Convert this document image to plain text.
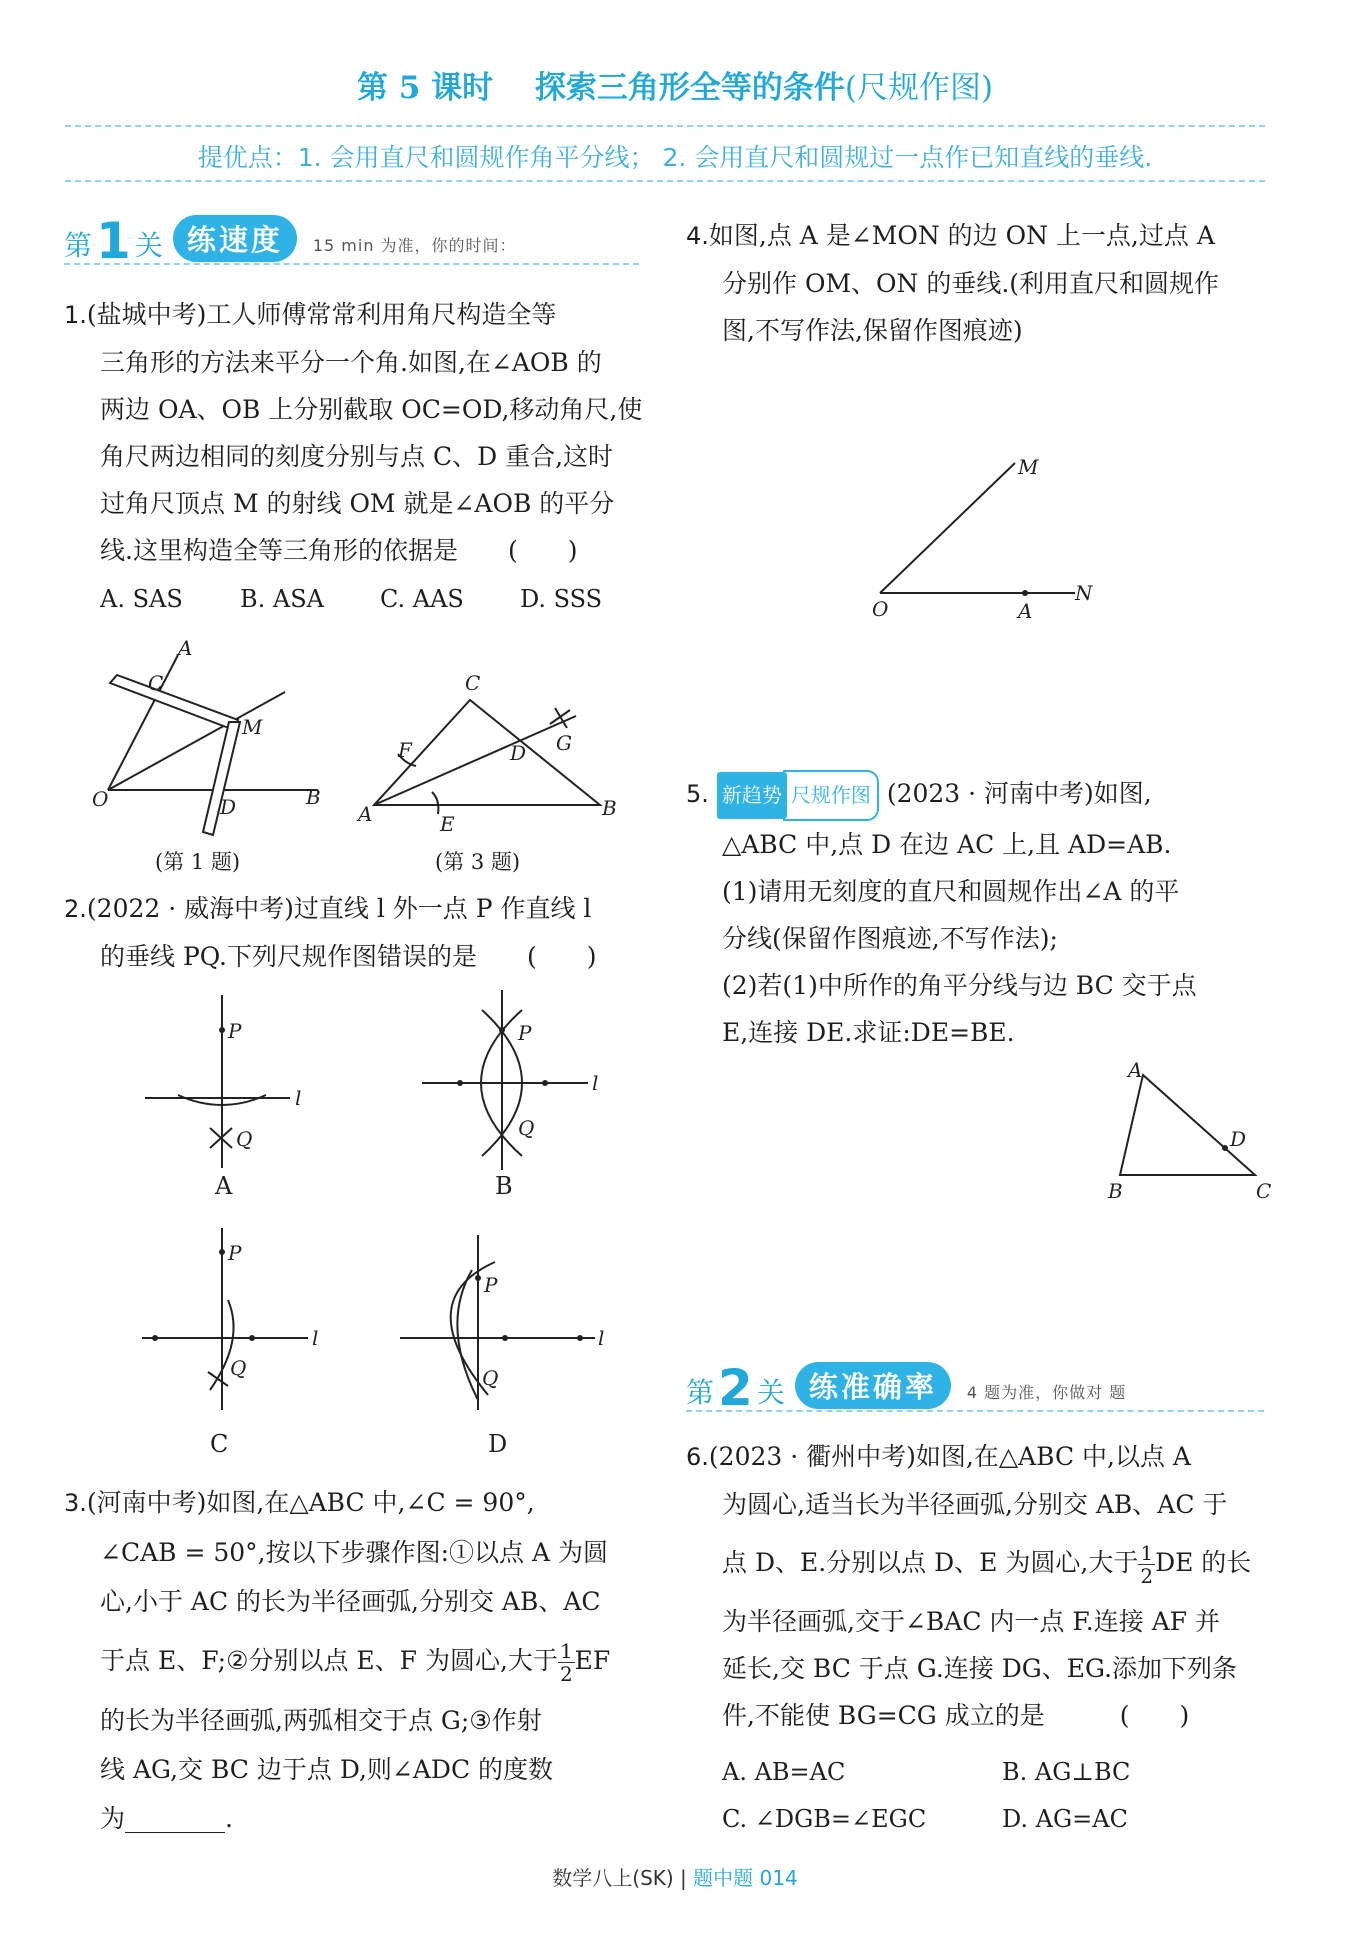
第 5 课时　 探索三角形全等的条件(尺规作图)
提优点：1. 会用直尺和圆规作角平分线； 2. 会用直尺和圆规过一点作已知直线的垂线.
第 1 关 练速度	15 min 为准，你的时间：
1.(盐城中考)工人师傅常常利用角尺构造全等
三角形的方法来平分一个角.如图,在∠AOB 的
两边 OA、OB 上分别截取 OC=OD,移动角尺,使
角尺两边相同的刻度分别与点 C、D 重合,这时
过角尺顶点 M 的射线 OM 就是∠AOB 的平分
线.这里构造全等三角形的依据是　　(　　)
A. SAS B. ASA C. AAS D. SSS
A
C
M
O	D	B
(第 1 题)
C
F	D G
A	E
B
(第 3 题)
2.(2022 · 威海中考)过直线 l 外一点 P 作直线 l
的垂线 PQ.下列尺规作图错误的是　　(　　)
P
l
Q
A
P
l
Q
B
P
l
Q
C
P
l
Q
D
3.(河南中考)如图,在△ABC 中,∠C = 90°,
∠CAB = 50°,按以下步骤作图:①以点 A 为圆
心,小于 AC 的长为半径画弧,分别交 AB、AC
于点 E、F;②分别以点 E、F 为圆心,大于 $\frac{1}{2}$ EF
的长为半径画弧,两弧相交于点 G;③作射
线 AG,交 BC 边于点 D,则∠ADC 的度数
为________.
4.如图,点 A 是∠MON 的边 ON 上一点,过点 A
分别作 OM、ON 的垂线.(利用直尺和圆规作
图,不写作法,保留作图痕迹)
M
N
O	A
5. 新趋势 尺规作图 (2023 · 河南中考)如图,
△ABC 中,点 D 在边 AC 上,且 AD=AB.
(1)请用无刻度的直尺和圆规作出∠A 的平
分线(保留作图痕迹,不写作法);
(2)若(1)中所作的角平分线与边 BC 交于点
E,连接 DE.求证:DE=BE.
A
D
B	C
第 2 关 练准确率	4 题为准，你做对 题
6.(2023 · 衢州中考)如图,在△ABC 中,以点 A
为圆心,适当长为半径画弧,分别交 AB、AC 于
点 D、E.分别以点 D、E 为圆心,大于 $\frac{1}{2}$ DE 的长
为半径画弧,交于∠BAC 内一点 F.连接 AF 并
延长,交 BC 于点 G.连接 DG、EG.添加下列条
件,不能使 BG=CG 成立的是　　　(　　)
A. AB=AC	B. AG⊥BC
C. ∠DGB=∠EGC	D. AG=AC
数学八上(SK) | 题中题 014
